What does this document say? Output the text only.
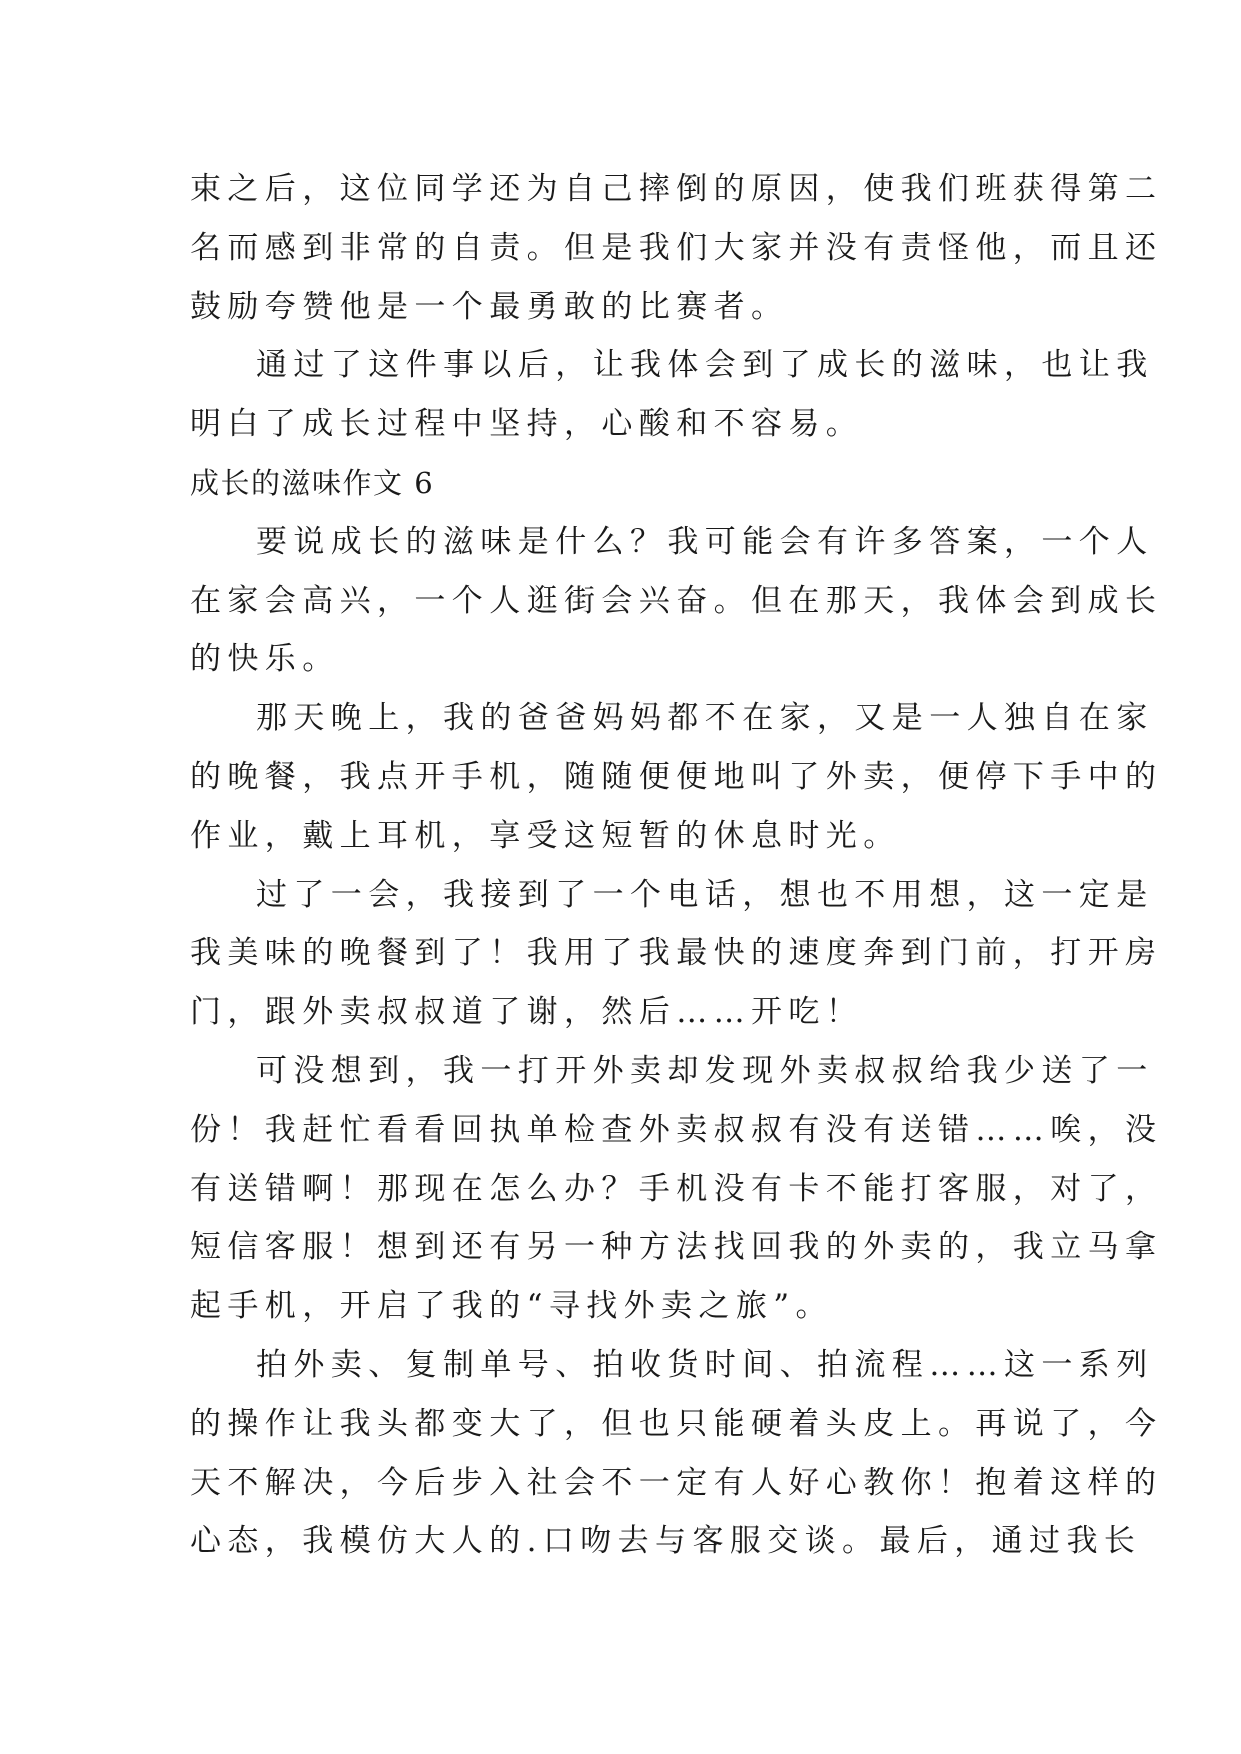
束之后，这位同学还为自己摔倒的原因，使我们班获得第二
名而感到非常的自责。但是我们大家并没有责怪他，而且还
鼓励夸赞他是一个最勇敢的比赛者。
通过了这件事以后，让我体会到了成长的滋味，也让我
明白了成长过程中坚持，心酸和不容易。
成长的滋味作文 6
要说成长的滋味是什么？我可能会有许多答案，一个人
在家会高兴，一个人逛街会兴奋。但在那天，我体会到成长
的快乐。
那天晚上，我的爸爸妈妈都不在家，又是一人独自在家
的晚餐，我点开手机，随随便便地叫了外卖，便停下手中的
作业，戴上耳机，享受这短暂的休息时光。
过了一会，我接到了一个电话，想也不用想，这一定是
我美味的晚餐到了！我用了我最快的速度奔到门前，打开房
门，跟外卖叔叔道了谢，然后……开吃！
可没想到，我一打开外卖却发现外卖叔叔给我少送了一
份！我赶忙看看回执单检查外卖叔叔有没有送错……唉，没
有送错啊！那现在怎么办？手机没有卡不能打客服，对了，
短信客服！想到还有另一种方法找回我的外卖的，我立马拿
起手机，开启了我的“寻找外卖之旅”。
拍外卖、复制单号、拍收货时间、拍流程……这一系列
的操作让我头都变大了，但也只能硬着头皮上。再说了，今
天不解决，今后步入社会不一定有人好心教你！抱着这样的
心态，我模仿大人的.口吻去与客服交谈。最后，通过我长
